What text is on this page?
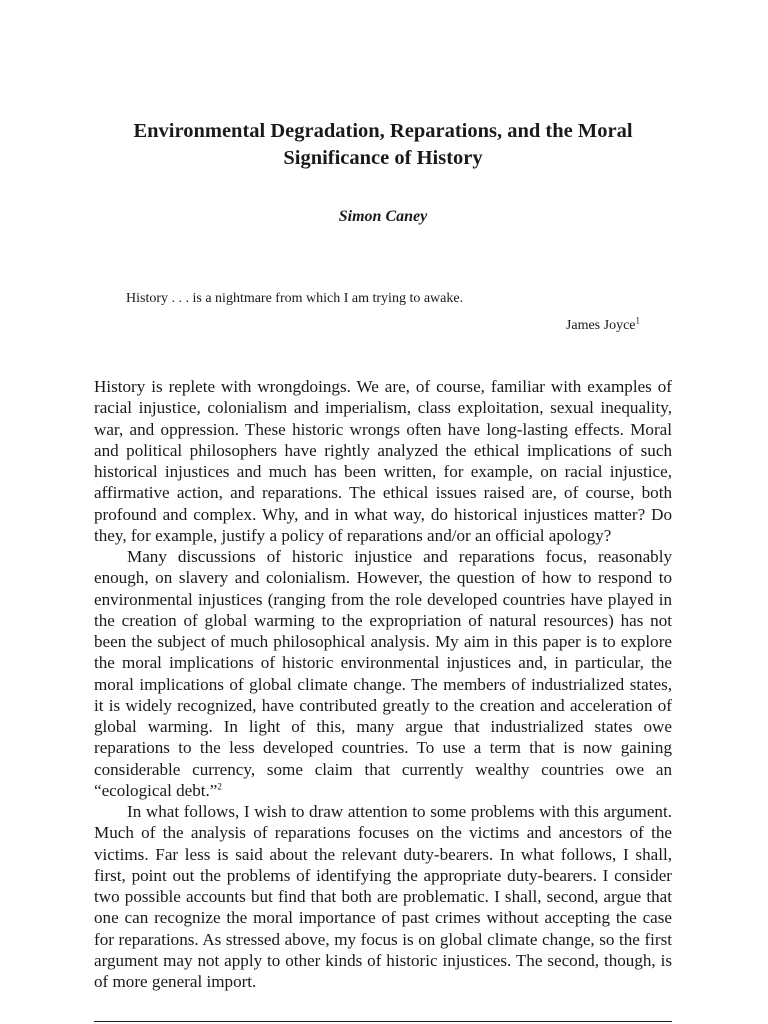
Environmental Degradation, Reparations, and the Moral Significance of History

Simon Caney

History . . . is a nightmare from which I am trying to awake.

James Joyce$^1$

History is replete with wrongdoings. We are, of course, familiar with examples of racial injustice, colonialism and imperialism, class exploitation, sexual inequality, war, and oppression. These historic wrongs often have long-lasting effects. Moral and political philosophers have rightly analyzed the ethical implications of such historical injustices and much has been written, for example, on racial injustice, affirmative action, and reparations. The ethical issues raised are, of course, both profound and complex. Why, and in what way, do historical injustices matter? Do they, for example, justify a policy of reparations and/or an official apology?

Many discussions of historic injustice and reparations focus, reasonably enough, on slavery and colonialism. However, the question of how to respond to environmental injustices (ranging from the role developed countries have played in the creation of global warming to the expropriation of natural resources) has not been the subject of much philosophical analysis. My aim in this paper is to explore the moral implications of historic environmental injustices and, in particular, the moral implications of global climate change. The members of industrialized states, it is widely recognized, have contributed greatly to the creation and acceleration of global warming. In light of this, many argue that industrialized states owe reparations to the less developed countries. To use a term that is now gaining considerable currency, some claim that currently wealthy countries owe an “ecological debt.”$^2$

In what follows, I wish to draw attention to some problems with this argument. Much of the analysis of reparations focuses on the victims and ancestors of the victims. Far less is said about the relevant duty-bearers. In what follows, I shall, first, point out the problems of identifying the appropriate duty-bearers. I consider two possible accounts but find that both are problematic. I shall, second, argue that one can recognize the moral importance of past crimes without accepting the case for reparations. As stressed above, my focus is on global climate change, so the first argument may not apply to other kinds of historic injustices. The second, though, is of more general import.
